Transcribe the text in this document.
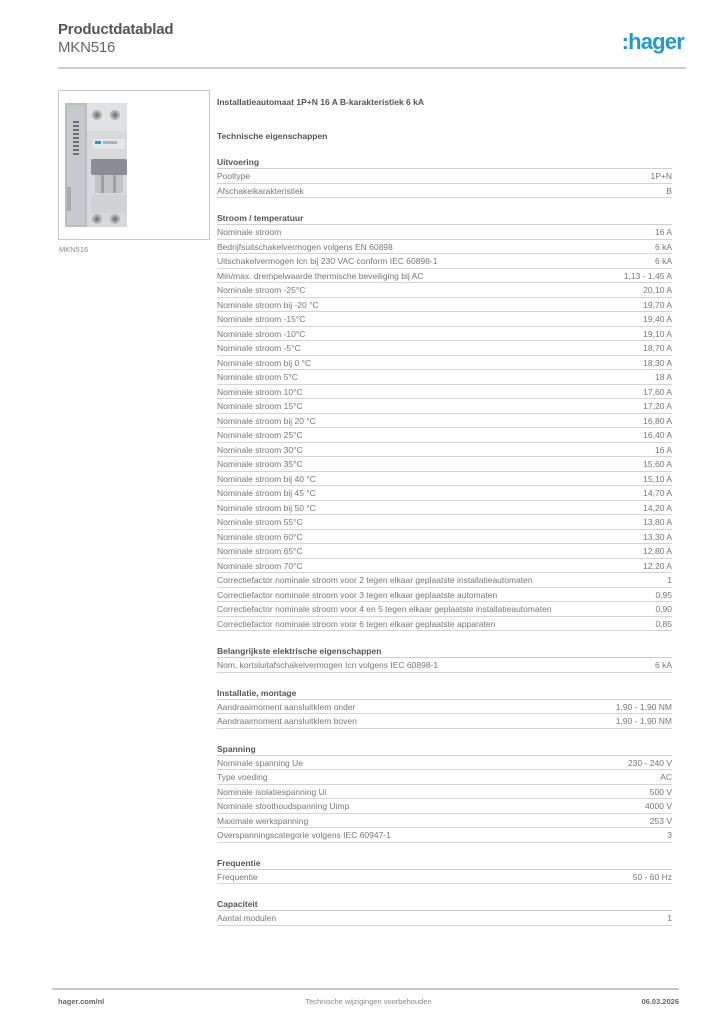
Productdatablad
MKN516	:hager
MKN516
Installatieautomaat 1P+N 16 A B-karakteristiek 6 kA
Technische eigenschappen
Uitvoering
Pooltype	1P+N
Afschakelkarakteristiek	B
Stroom / temperatuur
Nominale stroom	16 A
Bedrijfsuitschakelvermogen volgens EN 60898	6 kA
Uitschakelvermogen Icn bij 230 VAC conform IEC 60898-1	6 kA
Min/max. drempelwaarde thermische beveiliging bij AC	1,13 - 1,45 A
Nominale stroom -25°C	20,10 A
Nominale stroom bij -20 °C	19,70 A
Nominale stroom -15°C	19,40 A
Nominale stroom -10°C	19,10 A
Nominale stroom -5°C	18,70 A
Nominale stroom bij 0 °C	18,30 A
Nominale stroom 5°C	18 A
Nominale stroom 10°C	17,60 A
Nominale stroom 15°C	17,20 A
Nominale stroom bij 20 °C	16,80 A
Nominale stroom 25°C	16,40 A
Nominale stroom 30°C	16 A
Nominale stroom 35°C	15,60 A
Nominale stroom bij 40 °C	15,10 A
Nominale stroom bij 45 °C	14,70 A
Nominale stroom bij 50 °C	14,20 A
Nominale stroom 55°C	13,80 A
Nominale stroom 60°C	13,30 A
Nominale stroom 65°C	12,80 A
Nominale stroom 70°C	12,20 A
Correctiefactor nominale stroom voor 2 tegen elkaar geplaatste installatieautomaten	1
Correctiefactor nominale stroom voor 3 tegen elkaar geplaatste automaten	0,95
Correctiefactor nominale stroom voor 4 en 5 tegen elkaar geplaatste installatieautomaten	0,90
Correctiefactor nominale stroom voor 6 tegen elkaar geplaatste apparaten	0,85
Belangrijkste elektrische eigenschappen
Nom. kortsluitafschakelvermogen Icn volgens IEC 60898-1	6 kA
Installatie, montage
Aandraaimoment aansluitklem onder	1,90 - 1,90 NM
Aandraaimoment aansluitklem boven	1,90 - 1,90 NM
Spanning
Nominale spanning Ue	230 - 240 V
Type voeding	AC
Nominale isolatiespanning Ui	500 V
Nominale stoothoudspanning Uimp	4000 V
Maximale werkspanning	253 V
Overspanningscategorie volgens IEC 60947-1	3
Frequentie
Frequentie	50 - 60 Hz
Capaciteit
Aantal modulen	1
hager.com/nl	Technische wijzigingen voorbehouden	06.03.2026
